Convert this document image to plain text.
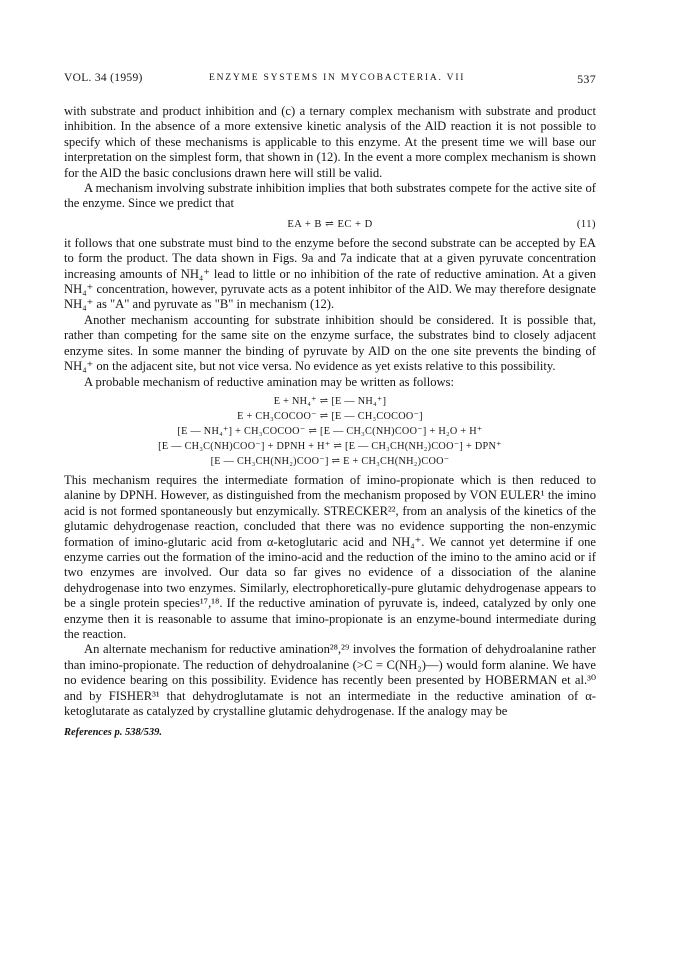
VOL. 34 (1959)	ENZYME SYSTEMS IN MYCOBACTERIA. VII	537

with substrate and product inhibition and (c) a ternary complex mechanism with substrate and product inhibition. In the absence of a more extensive kinetic analysis of the AlD reaction it is not possible to specify which of these mechanisms is applicable to this enzyme. At the present time we will base our interpretation on the simplest form, that shown in (12). In the event a more complex mechanism is shown for the AlD the basic conclusions drawn here will still be valid.

A mechanism involving substrate inhibition implies that both substrates compete for the active site of the enzyme. Since we predict that

EA + B ⇌ EC + D	(11)

it follows that one substrate must bind to the enzyme before the second substrate can be accepted by EA to form the product. The data shown in Figs. 9a and 7a indicate that at a given pyruvate concentration increasing amounts of NH₄⁺ lead to little or no inhibition of the rate of reductive amination. At a given NH₄⁺ concentration, however, pyruvate acts as a potent inhibitor of the AlD. We may therefore designate NH₄⁺ as "A" and pyruvate as "B" in mechanism (12).

Another mechanism accounting for substrate inhibition should be considered. It is possible that, rather than competing for the same site on the enzyme surface, the substrates bind to closely adjacent enzyme sites. In some manner the binding of pyruvate by AlD on the one site prevents the binding of NH₄⁺ on the adjacent site, but not vice versa. No evidence as yet exists relative to this possibility.

A probable mechanism of reductive amination may be written as follows:

E + NH₄⁺ ⇌ [E — NH₄⁺]
E + CH₃COCOO⁻ ⇌ [E — CH₃COCOO⁻]
[E — NH₄⁺] + CH₃COCOO⁻ ⇌ [E — CH₃C(NH)COO⁻] + H₂O + H⁺
[E — CH₃C(NH)COO⁻] + DPNH + H⁺ ⇌ [E — CH₃CH(NH₂)COO⁻] + DPN⁺
[E — CH₃CH(NH₂)COO⁻] ⇌ E + CH₃CH(NH₂)COO⁻

This mechanism requires the intermediate formation of imino-propionate which is then reduced to alanine by DPNH. However, as distinguished from the mechanism proposed by VON EULER¹ the imino acid is not formed spontaneously but enzymically. STRECKER²², from an analysis of the kinetics of the glutamic dehydrogenase reaction, concluded that there was no evidence supporting the non-enzymic formation of imino-glutaric acid from α-ketoglutaric acid and NH₄⁺. We cannot yet determine if one enzyme carries out the formation of the imino-acid and the reduction of the imino to the amino acid or if two enzymes are involved. Our data so far gives no evidence of a dissociation of the alanine dehydrogenase into two enzymes. Similarly, electrophoretically-pure glutamic dehydrogenase appears to be a single protein species¹⁷,¹⁸. If the reductive amination of pyruvate is, indeed, catalyzed by only one enzyme then it is reasonable to assume that imino-propionate is an enzyme-bound intermediate during the reaction.

An alternate mechanism for reductive amination²⁸,²⁹ involves the formation of dehydroalanine rather than imino-propionate. The reduction of dehydroalanine (>C = C(NH₂)—) would form alanine. We have no evidence bearing on this possibility. Evidence has recently been presented by HOBERMAN et al.³⁰ and by FISHER³¹ that dehydroglutamate is not an intermediate in the reductive amination of α-ketoglutarate as catalyzed by crystalline glutamic dehydrogenase. If the analogy may be

References p. 538/539.
